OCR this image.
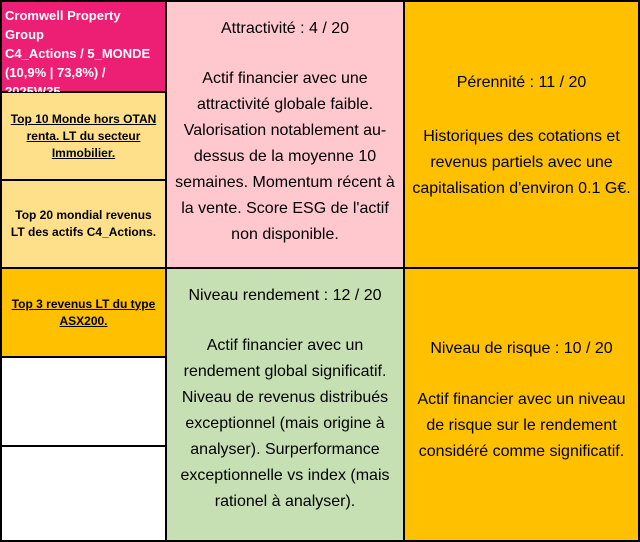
Cromwell Property Group
C4_Actions / 5_MONDE
(10,9% | 73,8%) /
Top 10 Monde hors OTAN renta. LT du secteur Immobilier.
Top 20 mondial revenus LT des actifs C4_Actions.
Top 3 revenus LT du type ASX200.
Attractivité : 4 / 20
Actif financier avec une attractivité globale faible. Valorisation notablement au-dessus de la moyenne 10 semaines. Momentum récent à la vente. Score ESG de l'actif non disponible.
Pérennité : 11 / 20
Historiques des cotations et revenus partiels avec une capitalisation d'environ 0.1 G€.
Niveau rendement : 12 / 20
Actif financier avec un rendement global significatif. Niveau de revenus distribués exceptionnel (mais origine à analyser). Surperformance exceptionnelle vs index (mais rationel à analyser).
Niveau de risque : 10 / 20
Actif financier avec un niveau de risque sur le rendement considéré comme significatif.
